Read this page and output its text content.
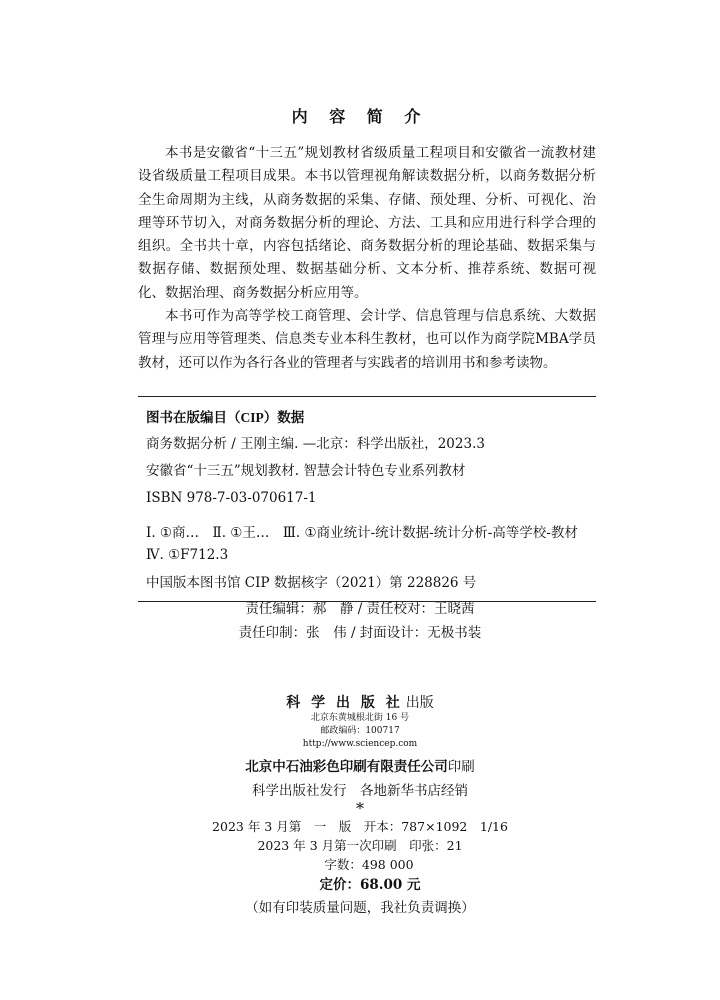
内 容 简 介

本书是安徽省“十三五”规划教材省级质量工程项目和安徽省一流教材建设省级质量工程项目成果。本书以管理视角解读数据分析，以商务数据分析全生命周期为主线，从商务数据的采集、存储、预处理、分析、可视化、治理等环节切入，对商务数据分析的理论、方法、工具和应用进行科学合理的组织。全书共十章，内容包括绪论、商务数据分析的理论基础、数据采集与数据存储、数据预处理、数据基础分析、文本分析、推荐系统、数据可视化、数据治理、商务数据分析应用等。

本书可作为高等学校工商管理、会计学、信息管理与信息系统、大数据管理与应用等管理类、信息类专业本科生教材，也可以作为商学院MBA学员教材，还可以作为各行各业的管理者与实践者的培训用书和参考读物。

图书在版编目（CIP）数据
商务数据分析 / 王刚主编. —北京：科学出版社，2023.3
安徽省“十三五”规划教材. 智慧会计特色专业系列教材
ISBN 978-7-03-070617-1
Ⅰ. ①商…　Ⅱ. ①王…　Ⅲ. ①商业统计-统计数据-统计分析-高等学校-教材　Ⅳ. ①F712.3
中国版本图书馆 CIP 数据核字（2021）第 228826 号
责任编辑：郝　静 / 责任校对：王晓茜
责任印制：张　伟 / 封面设计：无极书装
科 学 出 版 社 出版
北京东黄城根北街 16 号
邮政编码：100717
http://www.sciencep.com
北京中石油彩色印刷有限责任公司印刷
科学出版社发行　各地新华书店经销
*
2023 年 3 月第　一　版　开本：787×1092　1/16
2023 年 3 月第一次印刷　印张：21
字数：498 000
定价：68.00 元
（如有印装质量问题，我社负责调换）
